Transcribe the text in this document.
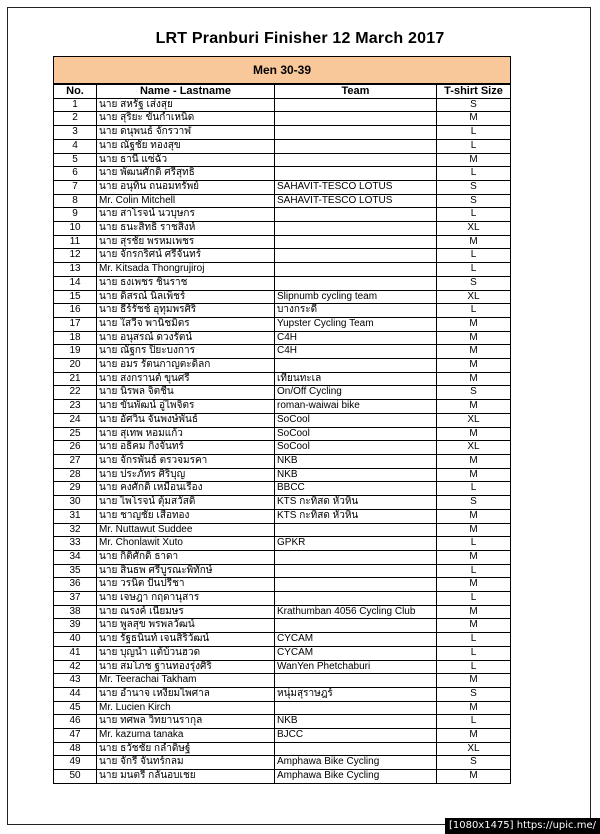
LRT Pranburi Finisher 12 March 2017
Men 30-39			
No.	Name - Lastname	Team	T-shirt Size
1	นาย สหรัฐ เส่งสุย		S
2	นาย สุริยะ ขันกำเหนิด		M
3	นาย ดนุพนธ์ จักรวาฬ		L
4	นาย ณัฐชัย ทองสุข		L
5	นาย ธานี แซ่ฉั่ว		M
6	นาย พัฒนศักดิ์ ศรีสุทธิ์		L
7	นาย อนุทิน ถนอมทรัพย์	SAHAVIT-TESCO LOTUS	S
8	Mr. Colin Mitchell	SAHAVIT-TESCO LOTUS	S
9	นาย สาโรจน์ นวบุษกร		L
10	นาย ธนะสิทธิ์ ราชสิงห์		XL
11	นาย สุรชัย พรหมเพชร		M
12	นาย จักรกริศน์ ศรีจันทร์		L
13	Mr. Kitsada Thongrujiroj		L
14	นาย ธงเพชร ชินราช		S
15	นาย ดิสรณ์ นิลเพ็ชร์	Slipnumb cycling team	XL
16	นาย ธีร์รัชช์ อุทุมพรศิริ	บางกระดี่	L
17	นาย ใสวีจ พานิชมิตร	Yupster Cycling Team	M
18	นาย อนุสรณ์ ดวงรัตน์	C4H	M
19	นาย ณัฐกร ปิยะบงการ	C4H	M
20	นาย อมร รัตนกาญตะดิลก		M
21	นาย สงกรานต์ ขุนศรี	เทียนทะเล	M
22	นาย นิรพล จิตชื่น	On/Off Cycling	S
23	นาย ขันพัฒน์ อู่ไพจิตร	roman-waiwai bike	M
24	นาย อัศวิน จันพงษ์พันธ์	SoCool	XL
25	นาย สุเทพ หอมแก้ว	SoCool	M
26	นาย อธิคม กิ่งจันทร์	SoCool	XL
27	นาย จักรพันธ์ ตรวจมรคา	NKB	M
28	นาย ประภัทร ศิริบุญ	NKB	M
29	นาย คงศักดิ์ เหมือนเรือง	BBCC	L
30	นาย ไพโรจน์ ตุ้มสวัสดิ์	KTS กะทิสด หัวหิน	S
31	นาย ชาญชัย เสือทอง	KTS กะทิสด หัวหิน	M
32	Mr. Nuttawut Suddee		M
33	Mr. Chonlawit Xuto	GPKR	L
34	นาย กิติศักดิ์ ธาดา		M
35	นาย สินธพ ศรีบูรณะพิทักษ์		L
36	นาย วรนิต ปั้นปรีชา		M
37	นาย เจษฎา กฤดานุสาร		L
38	นาย ณรงค์ เนียมษร	Krathumban 4056 Cycling Club	M
39	นาย พูลสุข พรพลวัฒน์		M
40	นาย รัฐธนินท์ เจนสิริวัฒน์	CYCAM	L
41	นาย บุญนำ แต้บ้วนฮวด	CYCAM	L
42	นาย สมโภช ฐานทองรุ่งศิริ	WanYen Phetchaburi	L
43	Mr. Teerachai Takham		M
44	นาย อำนาจ เหงี่ยมไพศาล	หนุ่มสุราษฎร์	S
45	Mr. Lucien Kirch		M
46	นาย ทศพล วิทยานรากุล	NKB	L
47	Mr. kazuma tanaka	BJCC	M
48	นาย ธวัชชัย กล่ำดิษฐ์		XL
49	นาย จักรี จันทร์กลม	Amphawa Bike Cycling	S
50	นาย มนตรี กลั่นอบเชย	Amphawa Bike Cycling	M
[1080x1475] https://upic.me/
